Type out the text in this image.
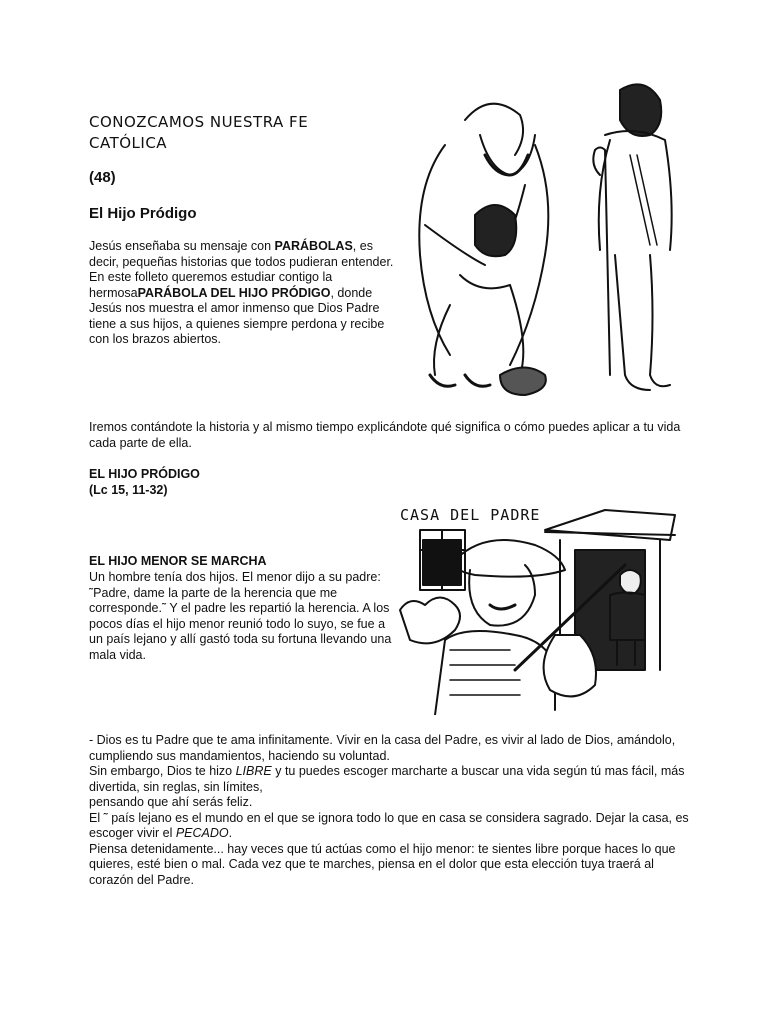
CONOZCAMOS NUESTRA FE
CATÓLICA
(48)
El Hijo Pródigo
Jesús enseñaba su mensaje con PARÁBOLAS, es decir, pequeñas historias que todos pudieran entender. En este folleto queremos estudiar contigo la hermosaPARÁBOLA DEL HIJO PRÓDIGO, donde Jesús nos muestra el amor inmenso que Dios Padre tiene a sus hijos, a quienes siempre perdona y recibe con los brazos abiertos.
Iremos contándote la historia y al mismo tiempo explicándote qué significa o cómo puedes aplicar a tu vida cada parte de ella.
EL HIJO PRÓDIGO
(Lc 15, 11-32)
CASA DEL PADRE
EL HIJO MENOR SE MARCHA
Un hombre tenía dos hijos. El menor dijo a su padre: ˜Padre, dame la parte de la herencia que me corresponde.˜ Y el padre les repartió la herencia. A los pocos días el hijo menor reunió todo lo suyo, se fue a un país lejano y allí gastó toda su fortuna llevando una mala vida.
- Dios es tu Padre que te ama infinitamente. Vivir en la casa del Padre, es vivir al lado de Dios, amándolo, cumpliendo sus mandamientos, haciendo su voluntad.
Sin embargo, Dios te hizo LIBRE y tu puedes escoger marcharte a buscar una vida según tú mas fácil, más divertida, sin reglas, sin límites,
pensando que ahí serás feliz.
El ˜ país lejano es el mundo en el que se ignora todo lo que en casa se considera sagrado. Dejar la casa, es escoger vivir el PECADO.
Piensa detenidamente... hay veces que tú actúas como el hijo menor: te sientes libre porque haces lo que quieres, esté bien o mal. Cada vez que te marches, piensa en el dolor que esta elección tuya traerá al corazón del Padre.
